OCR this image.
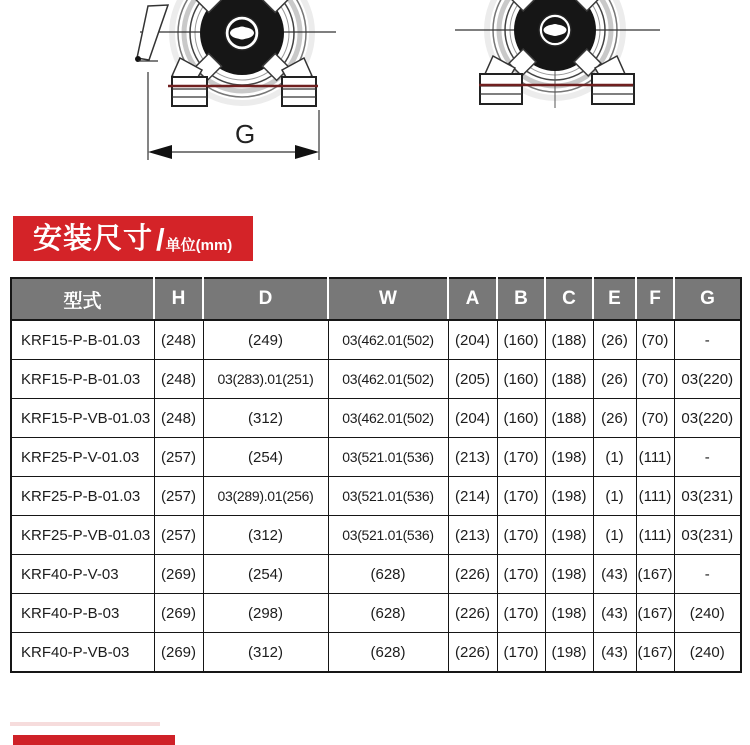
G
安装尺寸 / 单位(mm)
型式	H	D	W	A	B	C	E	F	G
KRF15-P-B-01.03	(248)	(249)	03(462.01(502)	(204)	(160)	(188)	(26)	(70)	-
KRF15-P-B-01.03	(248)	03(283).01(251)	03(462.01(502)	(205)	(160)	(188)	(26)	(70)	03(220)
KRF15-P-VB-01.03	(248)	(312)	03(462.01(502)	(204)	(160)	(188)	(26)	(70)	03(220)
KRF25-P-V-01.03	(257)	(254)	03(521.01(536)	(213)	(170)	(198)	(1)	(111)	-
KRF25-P-B-01.03	(257)	03(289).01(256)	03(521.01(536)	(214)	(170)	(198)	(1)	(111)	03(231)
KRF25-P-VB-01.03	(257)	(312)	03(521.01(536)	(213)	(170)	(198)	(1)	(111)	03(231)
KRF40-P-V-03	(269)	(254)	(628)	(226)	(170)	(198)	(43)	(167)	-
KRF40-P-B-03	(269)	(298)	(628)	(226)	(170)	(198)	(43)	(167)	(240)
KRF40-P-VB-03	(269)	(312)	(628)	(226)	(170)	(198)	(43)	(167)	(240)
